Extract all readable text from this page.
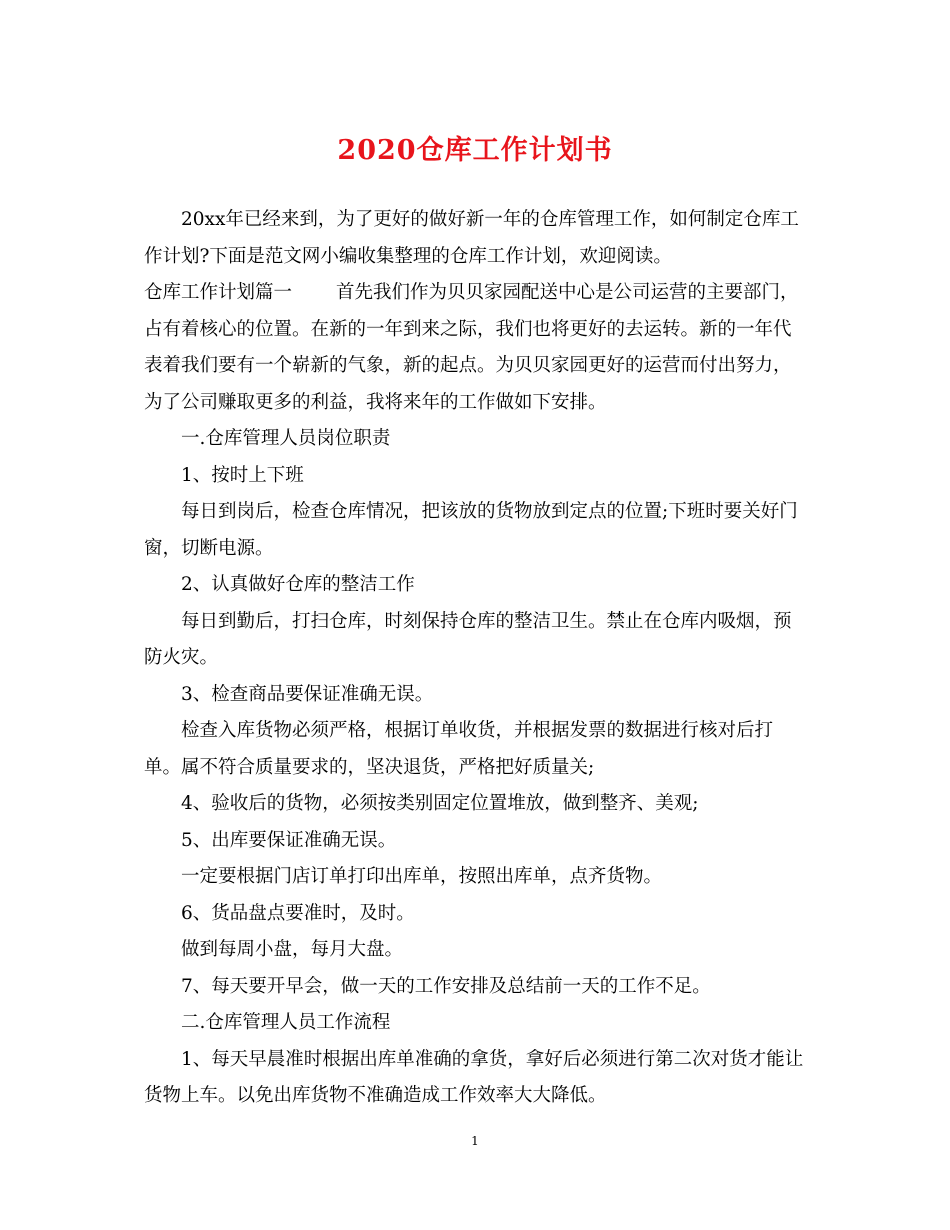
2020仓库工作计划书
20xx年已经来到，为了更好的做好新一年的仓库管理工作，如何制定仓库工
作计划?下面是范文网小编收集整理的仓库工作计划，欢迎阅读。
仓库工作计划篇一 首先我们作为贝贝家园配送中心是公司运营的主要部门，
占有着核心的位置。在新的一年到来之际，我们也将更好的去运转。新的一年代
表着我们要有一个崭新的气象，新的起点。为贝贝家园更好的运营而付出努力，
为了公司赚取更多的利益，我将来年的工作做如下安排。
一.仓库管理人员岗位职责
1、按时上下班
每日到岗后，检查仓库情况，把该放的货物放到定点的位置;下班时要关好门
窗，切断电源。
2、认真做好仓库的整洁工作
每日到勤后，打扫仓库，时刻保持仓库的整洁卫生。禁止在仓库内吸烟，预
防火灾。
3、检查商品要保证准确无误。
检查入库货物必须严格，根据订单收货，并根据发票的数据进行核对后打
单。属不符合质量要求的，坚决退货，严格把好质量关;
4、验收后的货物，必须按类别固定位置堆放，做到整齐、美观;
5、出库要保证准确无误。
一定要根据门店订单打印出库单，按照出库单，点齐货物。
6、货品盘点要准时，及时。
做到每周小盘，每月大盘。
7、每天要开早会，做一天的工作安排及总结前一天的工作不足。
二.仓库管理人员工作流程
1、每天早晨准时根据出库单准确的拿货，拿好后必须进行第二次对货才能让
货物上车。以免出库货物不准确造成工作效率大大降低。
1
